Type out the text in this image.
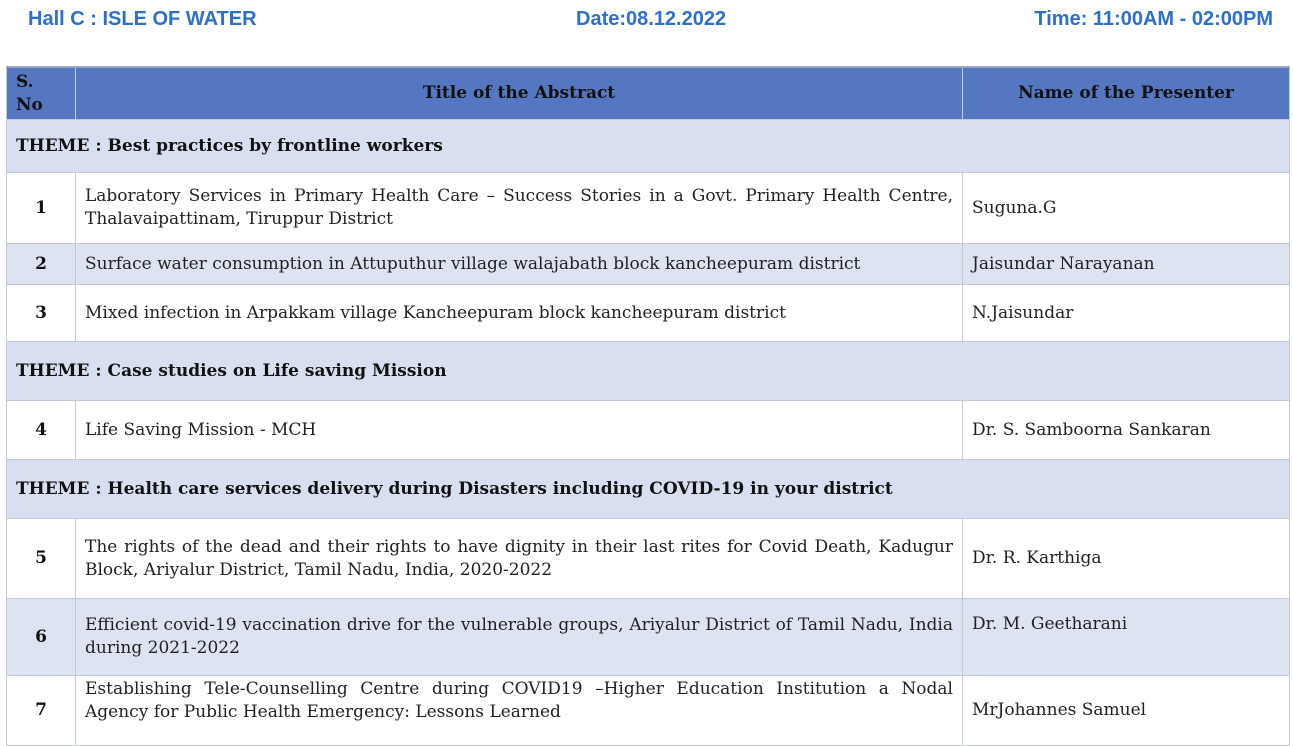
Hall C : ISLE OF WATER	Date:08.12.2022	Time: 11:00AM - 02:00PM
S. No	Title of the Abstract	Name of the Presenter
THEME : Best practices by frontline workers		
1	Laboratory Services in Primary Health Care – Success Stories in a Govt. Primary Health Centre, Thalavaipattinam, Tiruppur District	Suguna.G
2	Surface water consumption in Attuputhur village walajabath block kancheepuram district	Jaisundar Narayanan
3	Mixed infection in Arpakkam village Kancheepuram block kancheepuram district	N.Jaisundar
THEME : Case studies on Life saving Mission		
4	Life Saving Mission - MCH	Dr. S. Samboorna Sankaran
THEME : Health care services delivery during Disasters including COVID-19 in your district		
5	The rights of the dead and their rights to have dignity in their last rites for Covid Death, Kadugur Block, Ariyalur District, Tamil Nadu, India, 2020-2022	Dr. R. Karthiga
6	Efficient covid-19 vaccination drive for the vulnerable groups, Ariyalur District of Tamil Nadu, India during 2021-2022	Dr. M. Geetharani
7	Establishing Tele-Counselling Centre during COVID19 –Higher Education Institution a Nodal Agency for Public Health Emergency: Lessons Learned	MrJohannes Samuel
